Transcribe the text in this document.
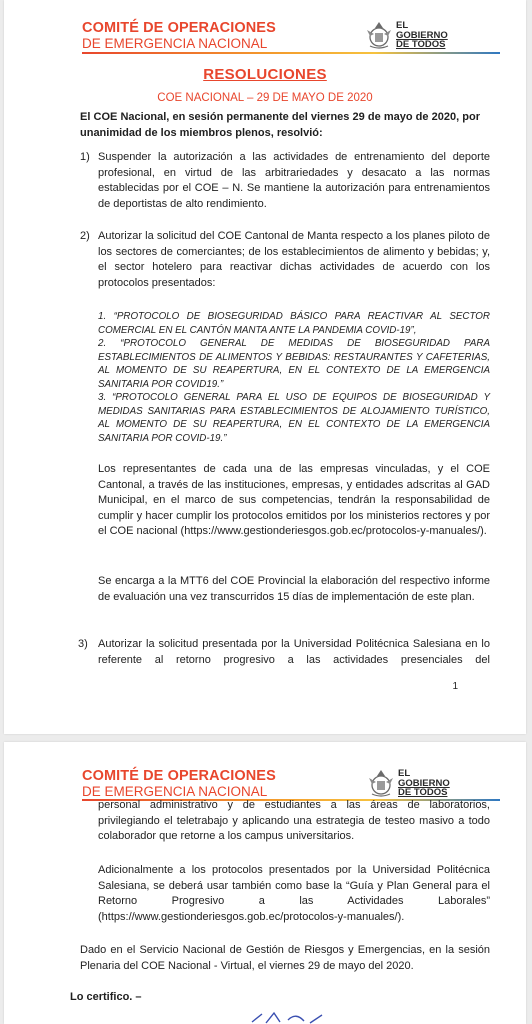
COMITÉ DE OPERACIONES
DE EMERGENCIA NACIONAL
EL
GOBIERNO
DE TODOS
RESOLUCIONES
COE NACIONAL – 29 DE MAYO DE 2020
El COE Nacional, en sesión permanente del viernes 29 de mayo de 2020, por unanimidad de los miembros plenos, resolvió:
1) Suspender la autorización a las actividades de entrenamiento del deporte profesional, en virtud de las arbitrariedades y desacato a las normas establecidas por el COE – N. Se mantiene la autorización para entrenamientos de deportistas de alto rendimiento.
2) Autorizar la solicitud del COE Cantonal de Manta respecto a los planes piloto de los sectores de comerciantes; de los establecimientos de alimento y bebidas; y, el sector hotelero para reactivar dichas actividades de acuerdo con los protocolos presentados:
1. “PROTOCOLO DE BIOSEGURIDAD BÁSICO PARA REACTIVAR AL SECTOR COMERCIAL EN EL CANTÓN MANTA ANTE LA PANDEMIA COVID-19”,
2. “PROTOCOLO GENERAL DE MEDIDAS DE BIOSEGURIDAD PARA ESTABLECIMIENTOS DE ALIMENTOS Y BEBIDAS: RESTAURANTES Y CAFETERIAS, AL MOMENTO DE SU REAPERTURA, EN EL CONTEXTO DE LA EMERGENCIA SANITARIA POR COVID19.”
3. “PROTOCOLO GENERAL PARA EL USO DE EQUIPOS DE BIOSEGURIDAD Y MEDIDAS SANITARIAS PARA ESTABLECIMIENTOS DE ALOJAMIENTO TURÍSTICO, AL MOMENTO DE SU REAPERTURA, EN EL CONTEXTO DE LA EMERGENCIA SANITARIA POR COVID-19.”
Los representantes de cada una de las empresas vinculadas, y el COE Cantonal, a través de las instituciones, empresas, y entidades adscritas al GAD Municipal, en el marco de sus competencias, tendrán la responsabilidad de cumplir y hacer cumplir los protocolos emitidos por los ministerios rectores y por el COE nacional (https://www.gestionderiesgos.gob.ec/protocolos-y-manuales/).
Se encarga a la MTT6 del COE Provincial la elaboración del respectivo informe de evaluación una vez transcurridos 15 días de implementación de este plan.
3) Autorizar la solicitud presentada por la Universidad Politécnica Salesiana en lo referente al retorno progresivo a las actividades presenciales del
1
COMITÉ DE OPERACIONES
DE EMERGENCIA NACIONAL
EL
GOBIERNO
DE TODOS
personal administrativo y de estudiantes a las áreas de laboratorios, privilegiando el teletrabajo y aplicando una estrategia de testeo masivo a todo colaborador que retorne a los campus universitarios.
Adicionalmente a los protocolos presentados por la Universidad Politécnica Salesiana, se deberá usar también como base la “Guía y Plan General para el Retorno Progresivo a las Actividades Laborales” (https://www.gestionderiesgos.gob.ec/protocolos-y-manuales/).
Dado en el Servicio Nacional de Gestión de Riesgos y Emergencias, en la sesión Plenaria del COE Nacional - Virtual, el viernes 29 de mayo del 2020.
Lo certifico. –
